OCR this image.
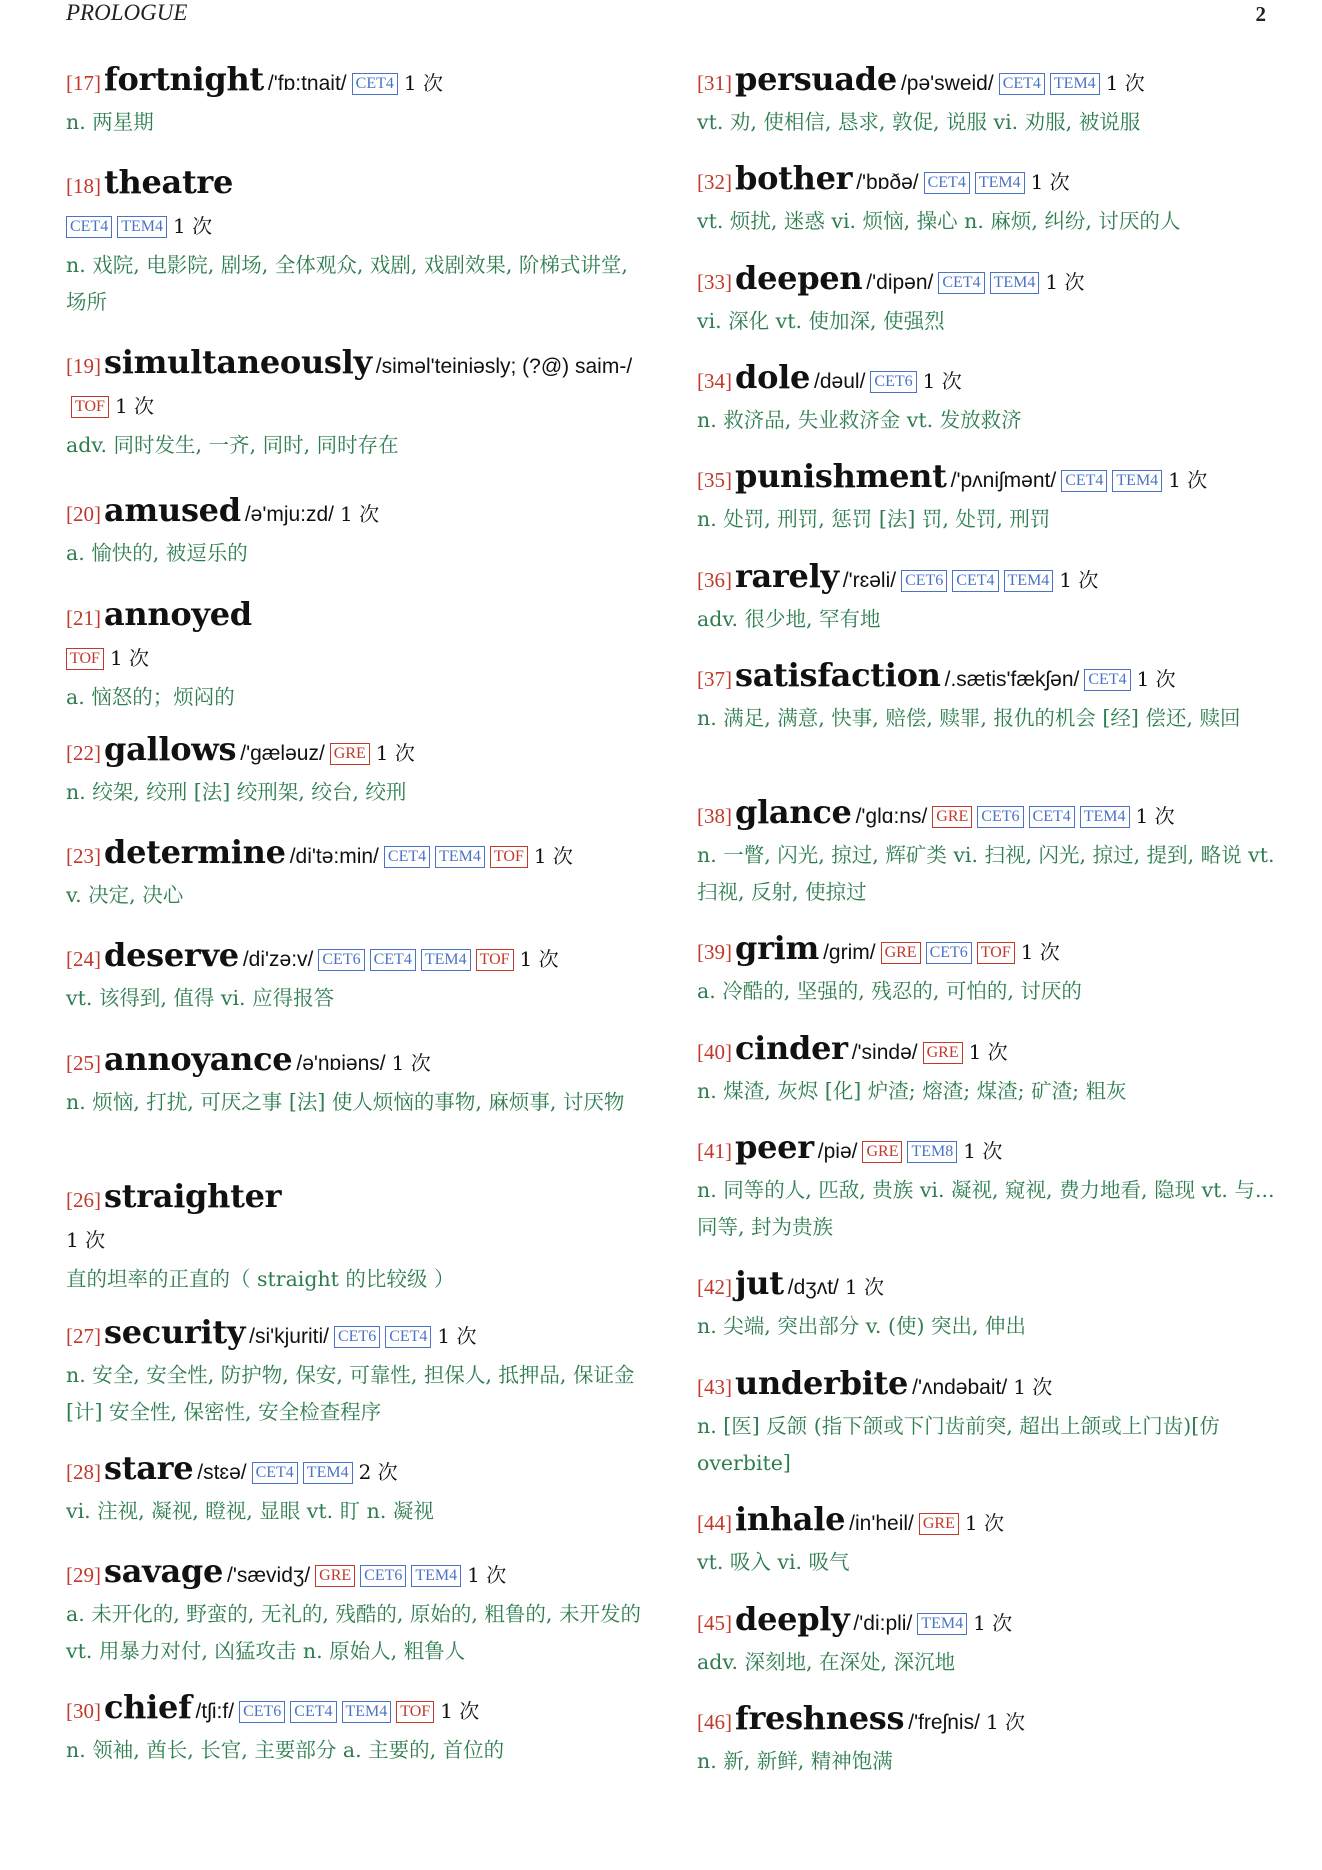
PROLOGUE	2
[17]fortnight /'fɒ:tnait/ CET4 1 次
n. 两星期
[18]theatre
CET4 TEM4 1 次
n. 戏院, 电影院, 剧场, 全体观众, 戏剧, 戏剧效果, 阶梯式讲堂, 场所
[19]simultaneously /siməl'teiniəsly; (?@) saim-/TOF 1 次
adv. 同时发生, 一齐, 同时, 同时存在
[20]amused /ə'mju:zd/ 1 次
a. 愉快的, 被逗乐的
[21]annoyed
TOF 1 次
a. 恼怒的；烦闷的
[22]gallows /'gæləuz/ GRE 1 次
n. 绞架, 绞刑 [法] 绞刑架, 绞台, 绞刑
[23]determine /di'tə:min/ CET4 TEM4 TOF 1 次
v. 决定, 决心
[24]deserve /di'zə:v/ CET6 CET4 TEM4 TOF 1 次
vt. 该得到, 值得 vi. 应得报答
[25]annoyance /ə'nɒiəns/ 1 次
n. 烦恼, 打扰, 可厌之事 [法] 使人烦恼的事物, 麻烦事, 讨厌物
[26]straighter
1 次
直的坦率的正直的（ straight 的比较级 ）
[27]security /si'kjuriti/ CET6 CET4 1 次
n. 安全, 安全性, 防护物, 保安, 可靠性, 担保人, 抵押品, 保证金 [计] 安全性, 保密性, 安全检查程序
[28]stare /stɛə/ CET4 TEM4 2 次
vi. 注视, 凝视, 瞪视, 显眼 vt. 盯 n. 凝视
[29]savage /'sævidʒ/ GRE CET6 TEM4 1 次
a. 未开化的, 野蛮的, 无礼的, 残酷的, 原始的, 粗鲁的, 未开发的 vt. 用暴力对付, 凶猛攻击 n. 原始人, 粗鲁人
[30]chief /tʃi:f/ CET6 CET4 TEM4 TOF 1 次
n. 领袖, 酋长, 长官, 主要部分 a. 主要的, 首位的
[31]persuade /pə'sweid/ CET4 TEM4 1 次
vt. 劝, 使相信, 恳求, 敦促, 说服 vi. 劝服, 被说服
[32]bother /'bɒðə/ CET4 TEM4 1 次
vt. 烦扰, 迷惑 vi. 烦恼, 操心 n. 麻烦, 纠纷, 讨厌的人
[33]deepen /'dipən/ CET4 TEM4 1 次
vi. 深化 vt. 使加深, 使强烈
[34]dole /dəul/ CET6 1 次
n. 救济品, 失业救济金 vt. 发放救济
[35]punishment /'pʌniʃmənt/ CET4 TEM4 1 次
n. 处罚, 刑罚, 惩罚 [法] 罚, 处罚, 刑罚
[36]rarely /'rɛəli/ CET6 CET4 TEM4 1 次
adv. 很少地, 罕有地
[37]satisfaction /.sætis'fækʃən/ CET4 1 次
n. 满足, 满意, 快事, 赔偿, 赎罪, 报仇的机会 [经] 偿还, 赎回
[38]glance /'glɑ:ns/ GRE CET6 CET4 TEM4 1 次
n. 一瞥, 闪光, 掠过, 辉矿类 vi. 扫视, 闪光, 掠过, 提到, 略说 vt. 扫视, 反射, 使掠过
[39]grim /grim/ GRE CET6 TOF 1 次
a. 冷酷的, 坚强的, 残忍的, 可怕的, 讨厌的
[40]cinder /'sində/ GRE 1 次
n. 煤渣, 灰烬 [化] 炉渣; 熔渣; 煤渣; 矿渣; 粗灰
[41]peer /piə/ GRE TEM8 1 次
n. 同等的人, 匹敌, 贵族 vi. 凝视, 窥视, 费力地看, 隐现 vt. 与... 同等, 封为贵族
[42]jut /dʒʌt/ 1 次
n. 尖端, 突出部分 v. (使) 突出, 伸出
[43]underbite /'ʌndəbait/ 1 次
n. [医] 反颌 (指下颌或下门齿前突, 超出上颌或上门齿)[仿 overbite]
[44]inhale /in'heil/ GRE 1 次
vt. 吸入 vi. 吸气
[45]deeply /'di:pli/ TEM4 1 次
adv. 深刻地, 在深处, 深沉地
[46]freshness /'freʃnis/ 1 次
n. 新, 新鲜, 精神饱满
